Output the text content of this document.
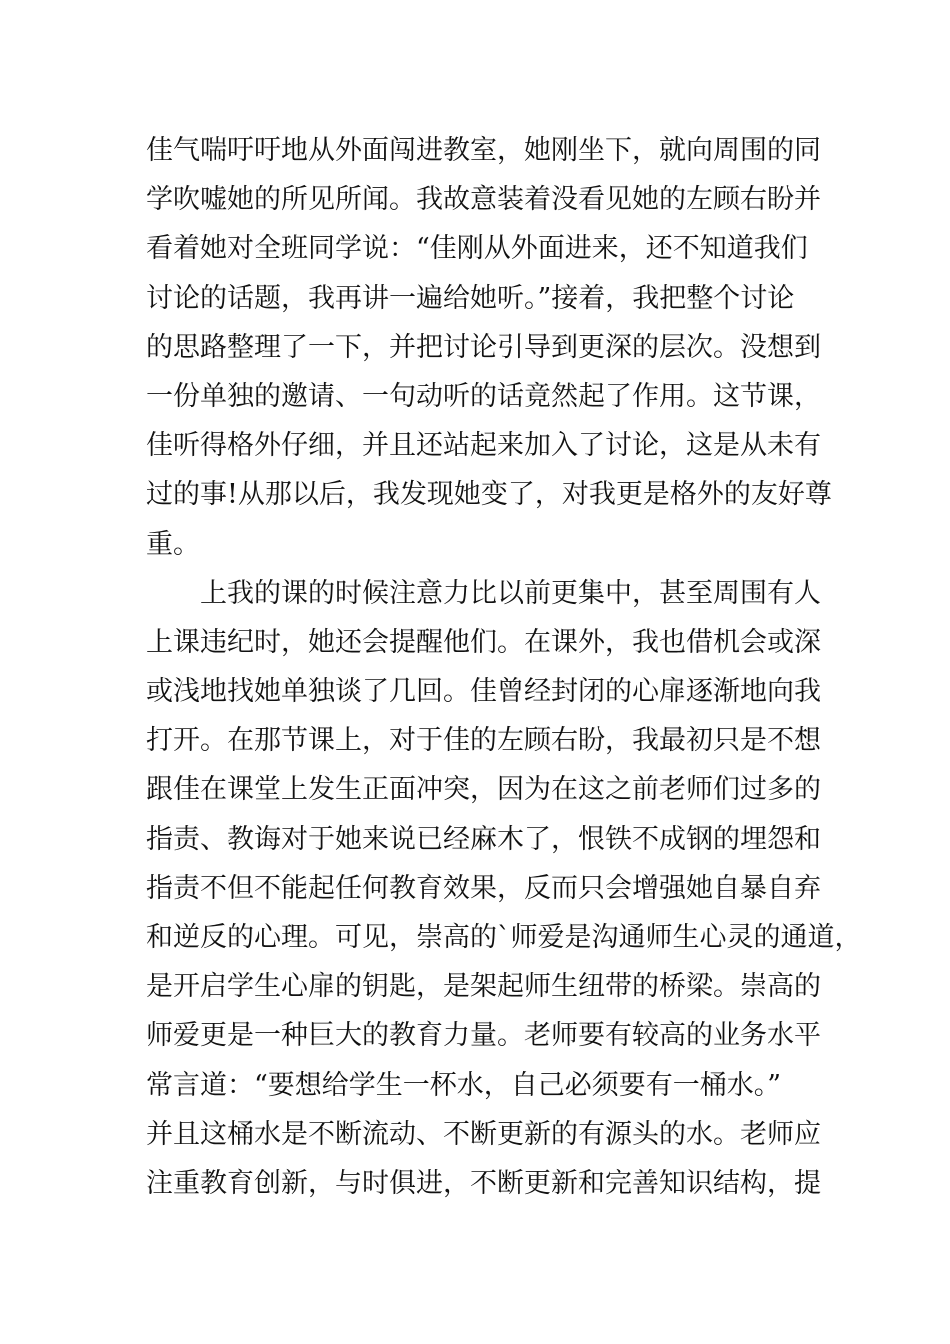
佳气喘吁吁地从外面闯进教室，她刚坐下，就向周围的同
学吹嘘她的所见所闻。我故意装着没看见她的左顾右盼并
看着她对全班同学说：“佳刚从外面进来，还不知道我们
讨论的话题，我再讲一遍给她听。”接着，我把整个讨论
的思路整理了一下，并把讨论引导到更深的层次。没想到
一份单独的邀请、一句动听的话竟然起了作用。这节课，
佳听得格外仔细，并且还站起来加入了讨论，这是从未有
过的事!从那以后，我发现她变了，对我更是格外的友好尊
重。
上我的课的时候注意力比以前更集中，甚至周围有人
上课违纪时，她还会提醒他们。在课外，我也借机会或深
或浅地找她单独谈了几回。佳曾经封闭的心扉逐渐地向我
打开。在那节课上，对于佳的左顾右盼，我最初只是不想
跟佳在课堂上发生正面冲突，因为在这之前老师们过多的
指责、教诲对于她来说已经麻木了，恨铁不成钢的埋怨和
指责不但不能起任何教育效果，反而只会增强她自暴自弃
和逆反的心理。可见，崇高的`师爱是沟通师生心灵的通道，
是开启学生心扉的钥匙，是架起师生纽带的桥梁。崇高的
师爱更是一种巨大的教育力量。老师要有较高的业务水平
常言道：“要想给学生一杯水，自己必须要有一桶水。”
并且这桶水是不断流动、不断更新的有源头的水。老师应
注重教育创新，与时俱进，不断更新和完善知识结构，提
